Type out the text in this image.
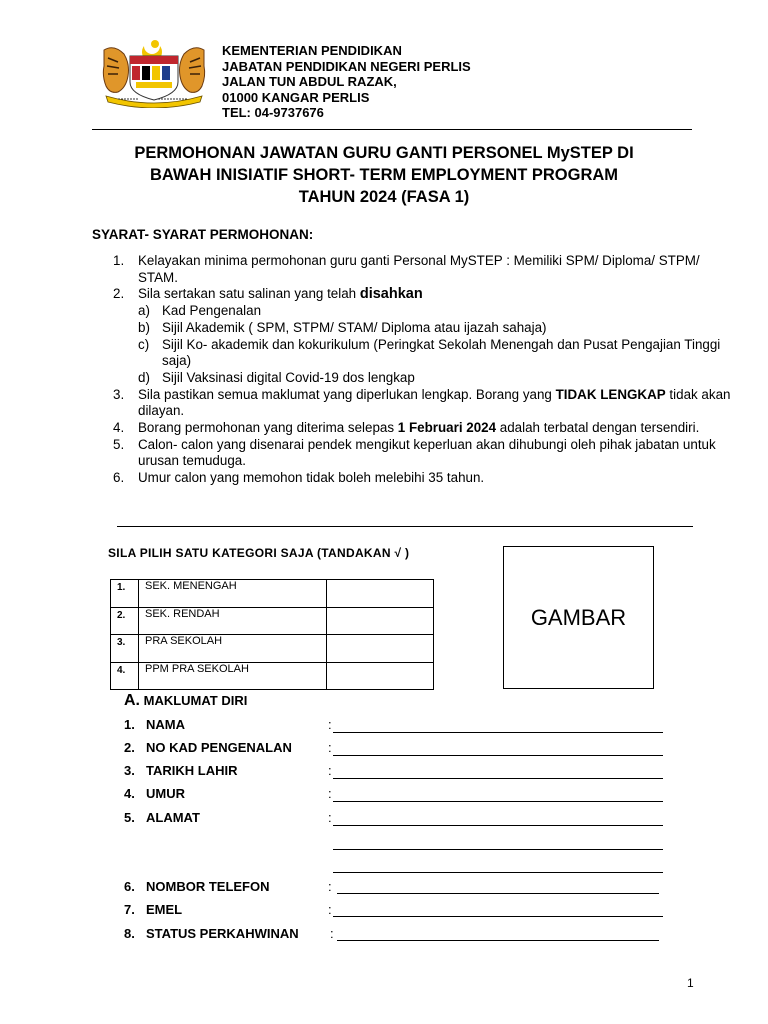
KEMENTERIAN PENDIDIKAN
JABATAN PENDIDIKAN NEGERI PERLIS
JALAN TUN ABDUL RAZAK,
01000 KANGAR PERLIS
TEL: 04-9737676
PERMOHONAN JAWATAN GURU GANTI PERSONEL MySTEP DI
BAWAH INISIATIF SHORT- TERM EMPLOYMENT PROGRAM
TAHUN 2024 (FASA 1)
SYARAT- SYARAT PERMOHONAN:
1. Kelayakan minima permohonan guru ganti Personal MySTEP : Memiliki SPM/ Diploma/ STPM/ STAM.
2. Sila sertakan satu salinan yang telah disahkan
a) Kad Pengenalan
b) Sijil Akademik ( SPM, STPM/ STAM/ Diploma atau ijazah sahaja)
c) Sijil Ko- akademik dan kokurikulum (Peringkat Sekolah Menengah dan Pusat Pengajian Tinggi saja)
d) Sijil Vaksinasi digital Covid-19 dos lengkap
3. Sila pastikan semua maklumat yang diperlukan lengkap. Borang yang TIDAK LENGKAP tidak akan dilayan.
4. Borang permohonan yang diterima selepas 1 Februari 2024 adalah terbatal dengan tersendiri.
5. Calon- calon yang disenarai pendek mengikut keperluan akan dihubungi oleh pihak jabatan untuk urusan temuduga.
6. Umur calon yang memohon tidak boleh melebihi 35 tahun.
SILA PILIH SATU KATEGORI SAJA (TANDAKAN √ )
1.	SEK. MENENGAH	
2.	SEK. RENDAH	
3.	PRA SEKOLAH	
4.	PPM PRA SEKOLAH	
GAMBAR
A. MAKLUMAT DIRI
1. NAMA	:
2. NO KAD PENGENALAN	:
3. TARIKH LAHIR	:
4. UMUR	:
5. ALAMAT	:
6. NOMBOR TELEFON	:
7. EMEL	:
8. STATUS PERKAHWINAN :
1
